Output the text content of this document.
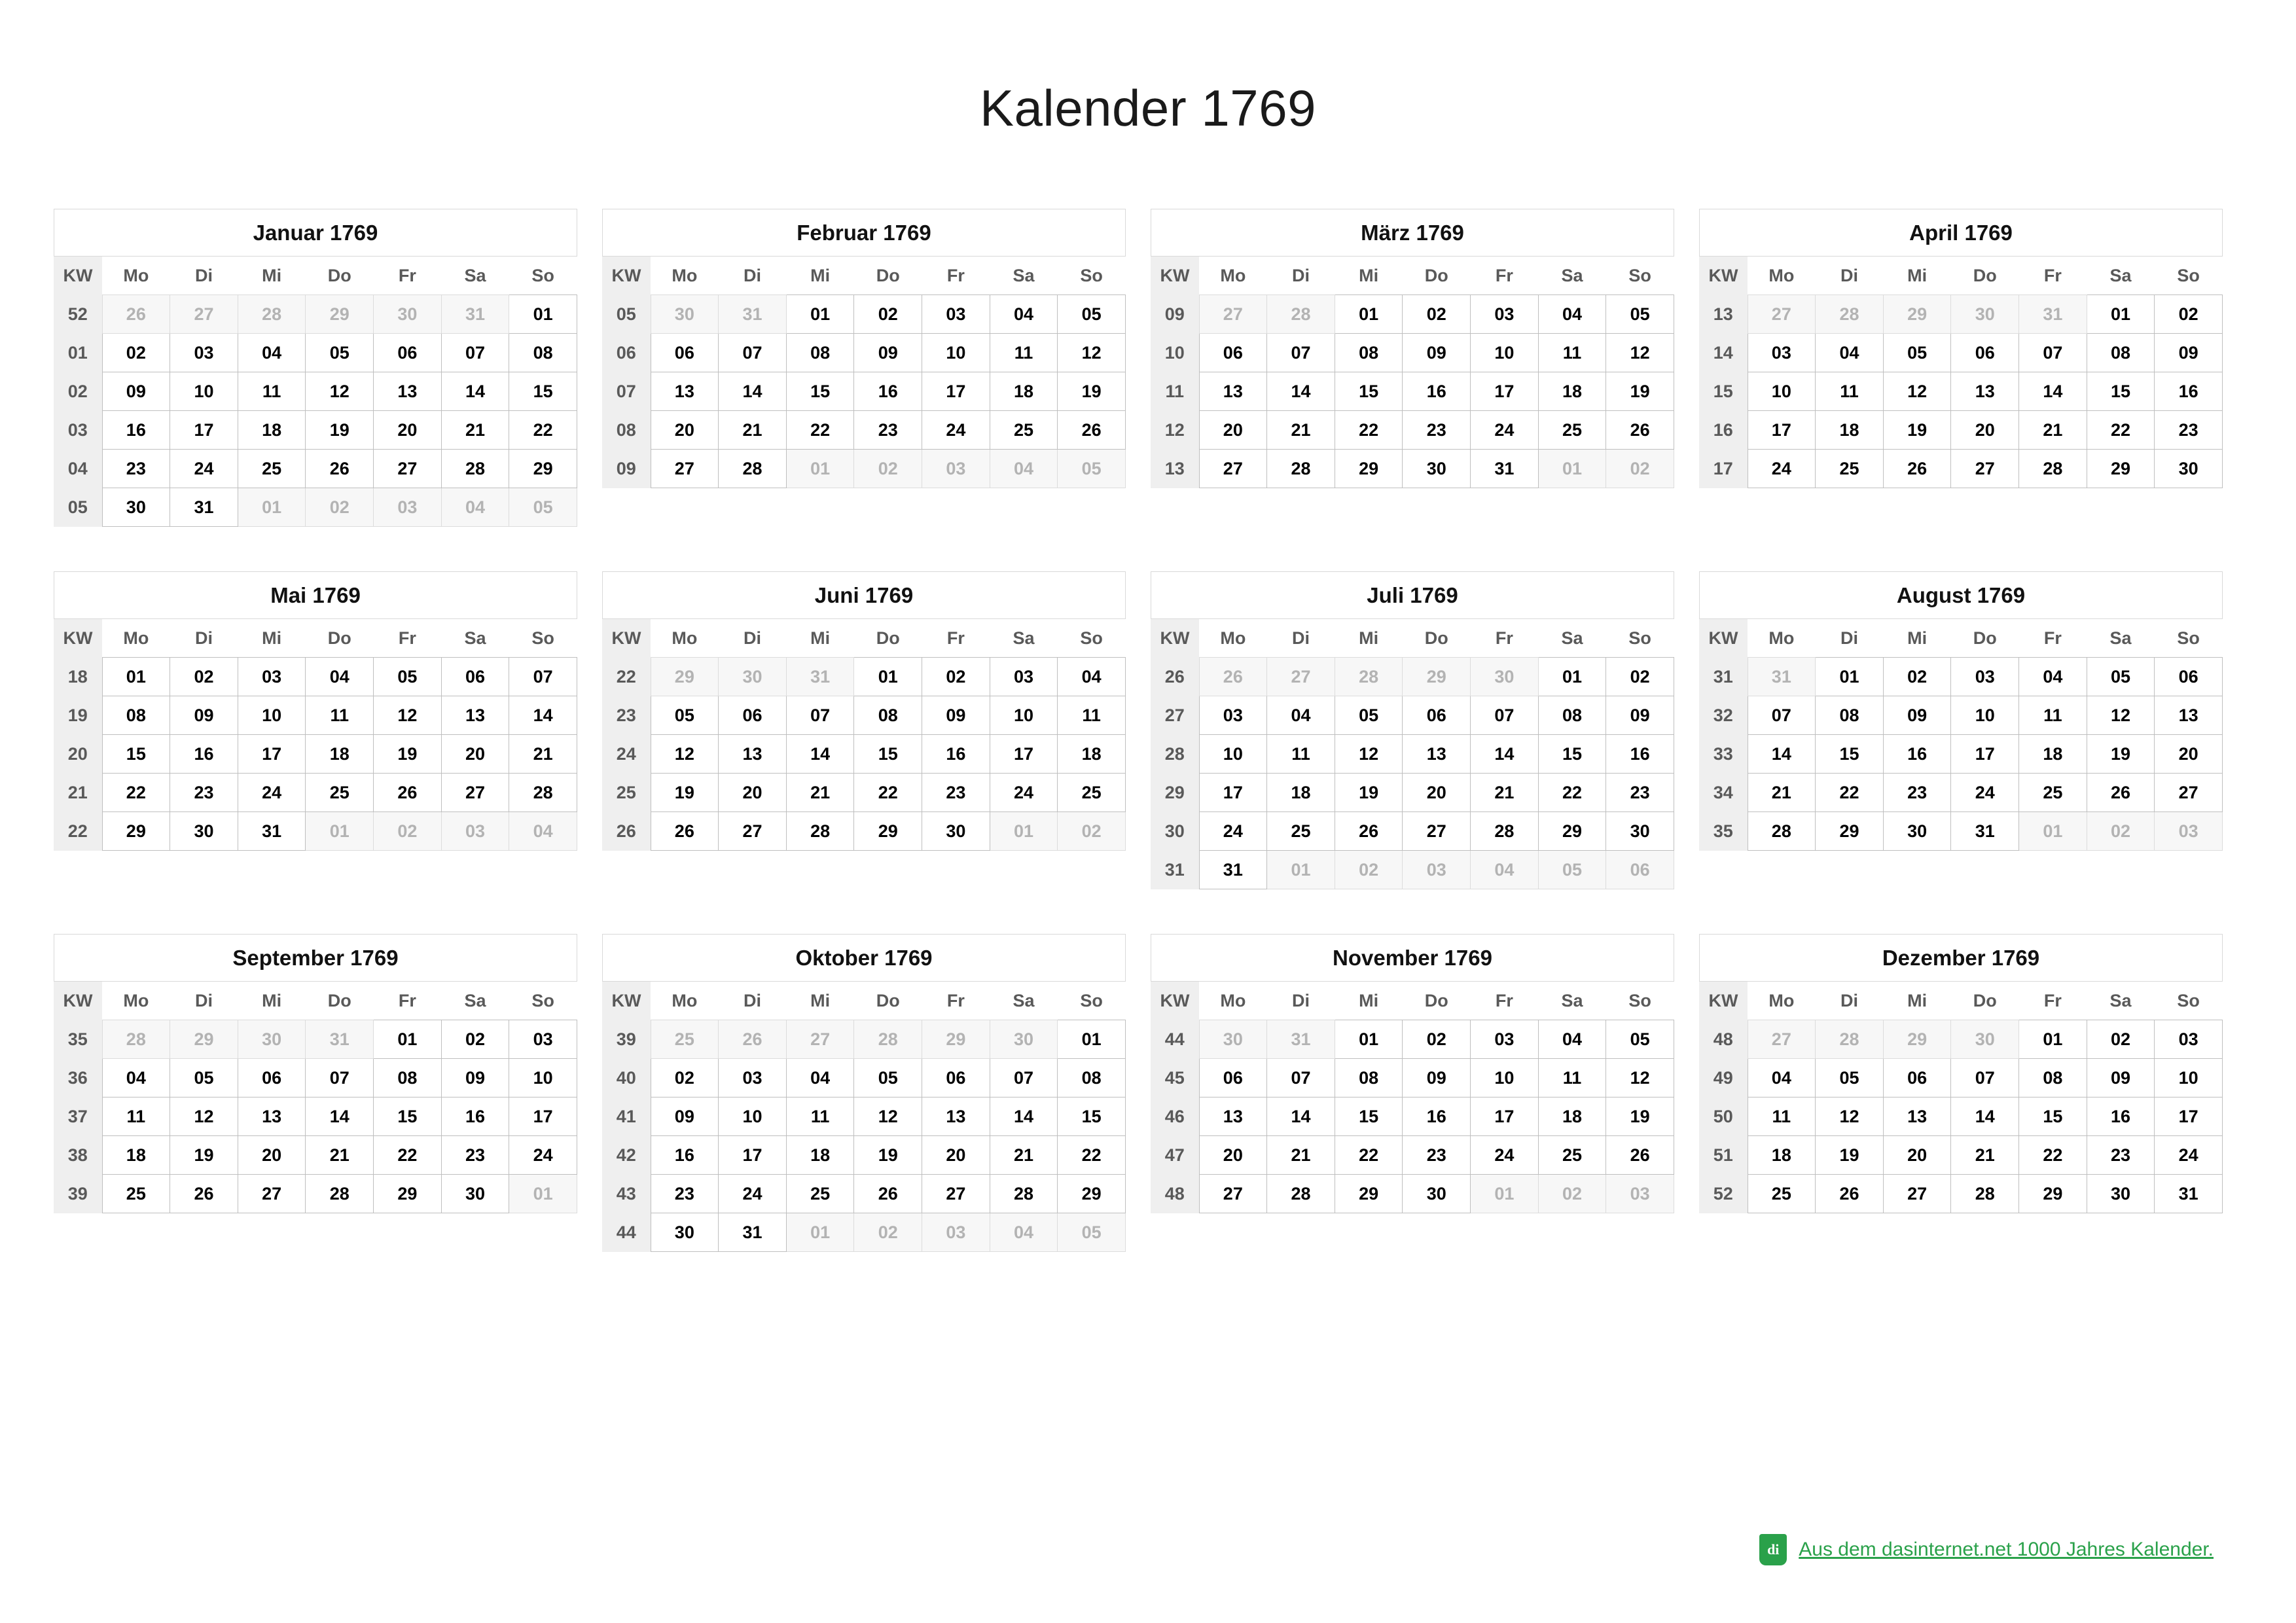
Kalender 1769
Januar 1769
KW	Mo	Di	Mi	Do	Fr	Sa	So
52	26	27	28	29	30	31	01
01	02	03	04	05	06	07	08
02	09	10	11	12	13	14	15
03	16	17	18	19	20	21	22
04	23	24	25	26	27	28	29
05	30	31	01	02	03	04	05
Februar 1769
KW	Mo	Di	Mi	Do	Fr	Sa	So
05	30	31	01	02	03	04	05
06	06	07	08	09	10	11	12
07	13	14	15	16	17	18	19
08	20	21	22	23	24	25	26
09	27	28	01	02	03	04	05
März 1769
KW	Mo	Di	Mi	Do	Fr	Sa	So
09	27	28	01	02	03	04	05
10	06	07	08	09	10	11	12
11	13	14	15	16	17	18	19
12	20	21	22	23	24	25	26
13	27	28	29	30	31	01	02
April 1769
KW	Mo	Di	Mi	Do	Fr	Sa	So
13	27	28	29	30	31	01	02
14	03	04	05	06	07	08	09
15	10	11	12	13	14	15	16
16	17	18	19	20	21	22	23
17	24	25	26	27	28	29	30
Mai 1769
KW	Mo	Di	Mi	Do	Fr	Sa	So
18	01	02	03	04	05	06	07
19	08	09	10	11	12	13	14
20	15	16	17	18	19	20	21
21	22	23	24	25	26	27	28
22	29	30	31	01	02	03	04
Juni 1769
KW	Mo	Di	Mi	Do	Fr	Sa	So
22	29	30	31	01	02	03	04
23	05	06	07	08	09	10	11
24	12	13	14	15	16	17	18
25	19	20	21	22	23	24	25
26	26	27	28	29	30	01	02
Juli 1769
KW	Mo	Di	Mi	Do	Fr	Sa	So
26	26	27	28	29	30	01	02
27	03	04	05	06	07	08	09
28	10	11	12	13	14	15	16
29	17	18	19	20	21	22	23
30	24	25	26	27	28	29	30
31	31	01	02	03	04	05	06
August 1769
KW	Mo	Di	Mi	Do	Fr	Sa	So
31	31	01	02	03	04	05	06
32	07	08	09	10	11	12	13
33	14	15	16	17	18	19	20
34	21	22	23	24	25	26	27
35	28	29	30	31	01	02	03
September 1769
KW	Mo	Di	Mi	Do	Fr	Sa	So
35	28	29	30	31	01	02	03
36	04	05	06	07	08	09	10
37	11	12	13	14	15	16	17
38	18	19	20	21	22	23	24
39	25	26	27	28	29	30	01
Oktober 1769
KW	Mo	Di	Mi	Do	Fr	Sa	So
39	25	26	27	28	29	30	01
40	02	03	04	05	06	07	08
41	09	10	11	12	13	14	15
42	16	17	18	19	20	21	22
43	23	24	25	26	27	28	29
44	30	31	01	02	03	04	05
November 1769
KW	Mo	Di	Mi	Do	Fr	Sa	So
44	30	31	01	02	03	04	05
45	06	07	08	09	10	11	12
46	13	14	15	16	17	18	19
47	20	21	22	23	24	25	26
48	27	28	29	30	01	02	03
Dezember 1769
KW	Mo	Di	Mi	Do	Fr	Sa	So
48	27	28	29	30	01	02	03
49	04	05	06	07	08	09	10
50	11	12	13	14	15	16	17
51	18	19	20	21	22	23	24
52	25	26	27	28	29	30	31
di Aus dem dasinternet.net 1000 Jahres Kalender.
